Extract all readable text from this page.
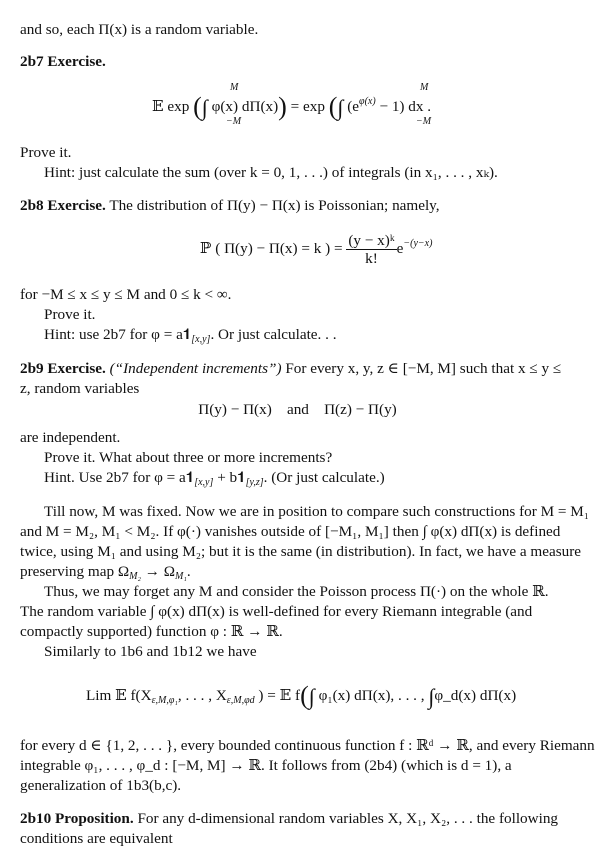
and so, each Π(x) is a random variable.
2b7 Exercise.
𝔼 exp (∫ φ(x) dΠ(x)) = exp (∫ $(e^{\varphi(x)} - 1)$ dx .
M
−M
M
−M
Prove it.
Hint: just calculate the sum (over k = 0, 1, . . .) of integrals (in x₁, . . . , xₖ).
2b8 Exercise. The distribution of Π(y) − Π(x) is Poissonian; namely,
ℙ ( Π(y) − Π(x) = k ) = $\frac{\text{(y − x)ᵏ}}{k!} e^{-(y-x)}$
for −M ≤ x ≤ y ≤ M and 0 ≤ k < ∞.
Prove it.
Hint: use 2b7 for $\varphi = a𝟏_{[x,y]}$. Or just calculate. . .
2b9 Exercise. (“Independent increments”) For every x, y, z ∈ [−M, M] such that x ≤ y ≤
z, random variables
Π(y) − Π(x)    and    Π(z) − Π(y)
are independent.
Prove it. What about three or more increments?
Hint. Use 2b7 for $\varphi = a𝟏_{[x,y]}$ + $b𝟏_{[y,z]}$. (Or just calculate.)
Till now, M was fixed. Now we are in position to compare such constructions for M = M₁
and M = M₂, M₁ < M₂. If φ(·) vanishes outside of [−M₁, M₁] then ∫ φ(x) dΠ(x) is defined
twice, using M₁ and using M₂; but it is the same (in distribution). In fact, we have a measure
preserving map $\Omega_{M_2} \to \Omega_{M_1}$.
Thus, we may forget any M and consider the Poisson process Π(·) on the whole ℝ.
The random variable ∫ φ(x) dΠ(x) is well-defined for every Riemann integrable (and
compactly supported) function φ : ℝ → ℝ.
Similarly to 1b6 and 1b12 we have
Lim 𝔼 $f(X_{\varepsilon,M,\varphi_1}$, . . . , $X_{\varepsilon,M,\varphi d}$ ) = 𝔼 f(∫ φ₁(x) dΠ(x), . . . , ∫φ_d(x) dΠ(x)
for every d ∈ {1, 2, . . . }, every bounded continuous function f : ℝᵈ → ℝ, and every Riemann
integrable φ₁, . . . , φ_d : [−M, M] → ℝ. It follows from (2b4) (which is d = 1), a
generalization of 1b3(b,c).
2b10 Proposition. For any d-dimensional random variables X, X₁, X₂, . . . the following
conditions are equivalent
